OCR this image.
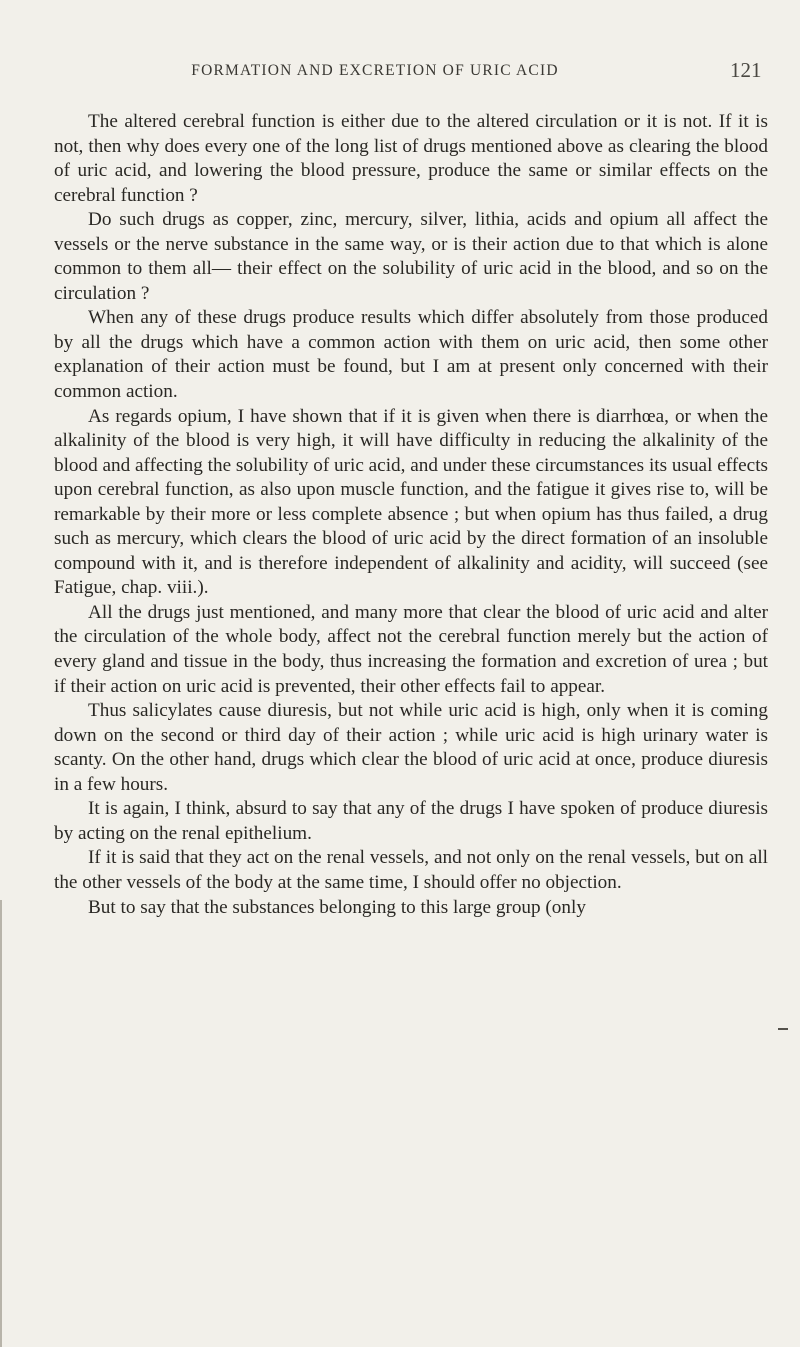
FORMATION AND EXCRETION OF URIC ACID	121

The altered cerebral function is either due to the altered circulation or it is not. If it is not, then why does every one of the long list of drugs mentioned above as clearing the blood of uric acid, and lowering the blood pressure, produce the same or similar effects on the cerebral function ?

Do such drugs as copper, zinc, mercury, silver, lithia, acids and opium all affect the vessels or the nerve substance in the same way, or is their action due to that which is alone common to them all— their effect on the solubility of uric acid in the blood, and so on the circulation ?

When any of these drugs produce results which differ absolutely from those produced by all the drugs which have a common action with them on uric acid, then some other explanation of their action must be found, but I am at present only concerned with their common action.

As regards opium, I have shown that if it is given when there is diarrhœa, or when the alkalinity of the blood is very high, it will have difficulty in reducing the alkalinity of the blood and affecting the solubility of uric acid, and under these circumstances its usual effects upon cerebral function, as also upon muscle function, and the fatigue it gives rise to, will be remarkable by their more or less complete absence ; but when opium has thus failed, a drug such as mercury, which clears the blood of uric acid by the direct formation of an insoluble compound with it, and is therefore independent of alkalinity and acidity, will succeed (see Fatigue, chap. viii.).

All the drugs just mentioned, and many more that clear the blood of uric acid and alter the circulation of the whole body, affect not the cerebral function merely but the action of every gland and tissue in the body, thus increasing the formation and excretion of urea ; but if their action on uric acid is prevented, their other effects fail to appear.

Thus salicylates cause diuresis, but not while uric acid is high, only when it is coming down on the second or third day of their action ; while uric acid is high urinary water is scanty. On the other hand, drugs which clear the blood of uric acid at once, produce diuresis in a few hours.

It is again, I think, absurd to say that any of the drugs I have spoken of produce diuresis by acting on the renal epithelium.

If it is said that they act on the renal vessels, and not only on the renal vessels, but on all the other vessels of the body at the same time, I should offer no objection.

But to say that the substances belonging to this large group (only
